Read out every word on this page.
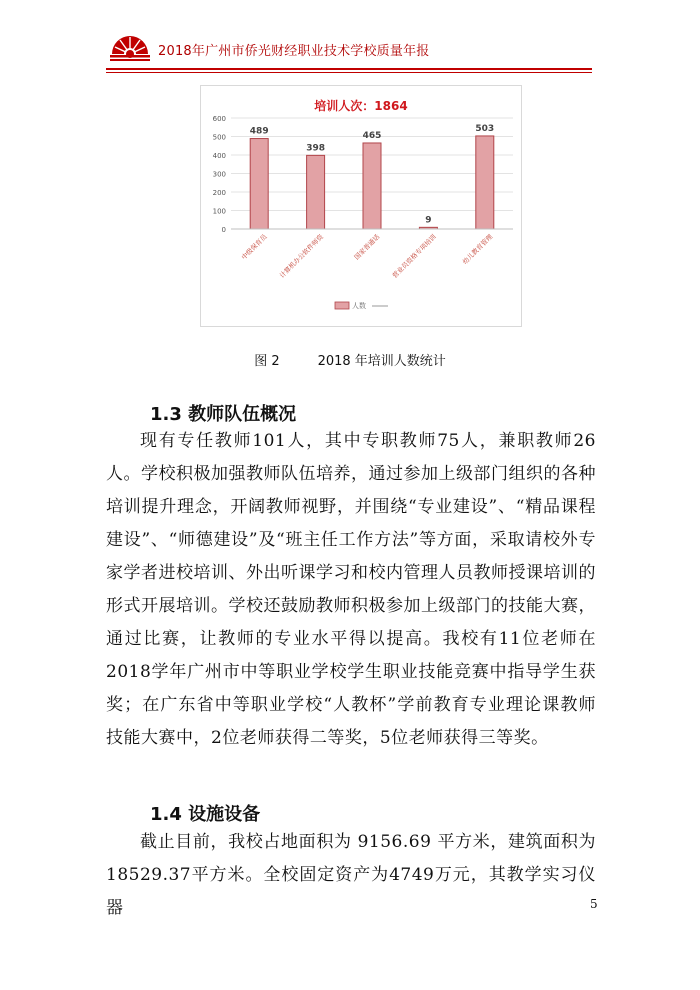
2018年广州市侨光财经职业技术学校质量年报
培训人次：1864
0
100
200
300
400
500
600
489
中级保育员
398
计算机办公软件师资
465
国家普通话
9
营业员资格专项培训
503
幼儿教育管理
人数
图 2	2018 年培训人数统计
1.3 教师队伍概况
现有专任教师101人，其中专职教师75人，兼职教师26人。学校积极加强教师队伍培养，通过参加上级部门组织的各种培训提升理念，开阔教师视野，并围绕“专业建设”、“精品课程建设”、“师德建设”及“班主任工作方法”等方面，采取请校外专家学者进校培训、外出听课学习和校内管理人员教师授课培训的形式开展培训。学校还鼓励教师积极参加上级部门的技能大赛，通过比赛，让教师的专业水平得以提高。我校有11位老师在2018学年广州市中等职业学校学生职业技能竞赛中指导学生获奖；在广东省中等职业学校“人教杯”学前教育专业理论课教师技能大赛中，2位老师获得二等奖，5位老师获得三等奖。
1.4 设施设备
截止目前，我校占地面积为 9156.69 平方米，建筑面积为18529.37平方米。全校固定资产为4749万元，其教学实习仪器	5
